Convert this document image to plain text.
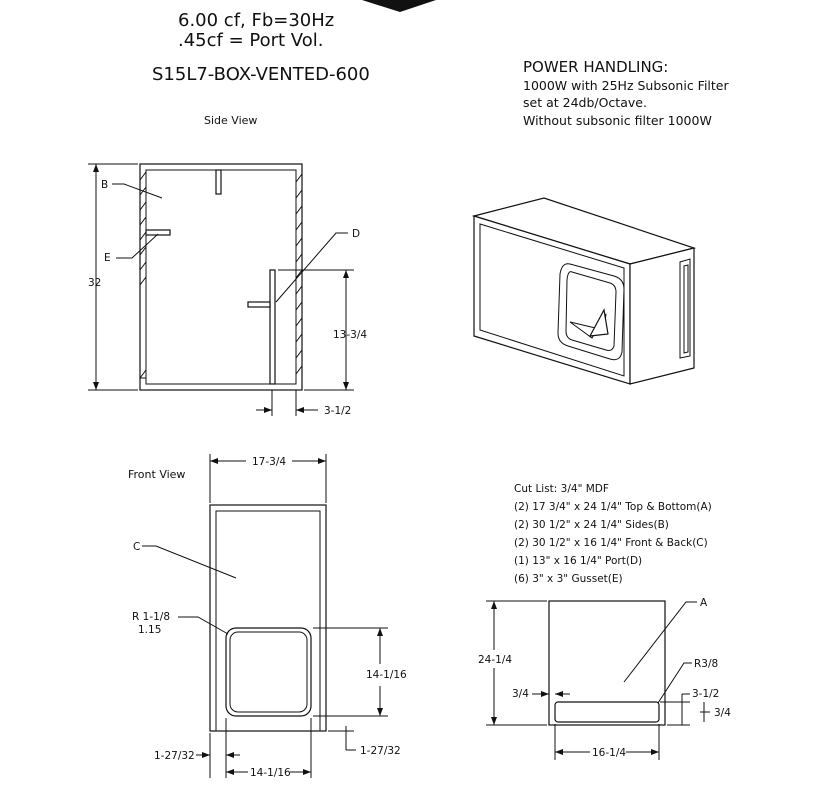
6.00 cf, Fb=30Hz
.45cf = Port Vol.
S15L7-BOX-VENTED-600	POWER HANDLING:
1000W with 25Hz Subsonic Filter
set at 24db/Octave.
Without subsonic filter 1000W
Side View
B
E
D
32
13-3/4
3-1/2
Front View
17-3/4
C
R 1-1/8
1.15
14-1/16
1-27/32
1-27/32
14-1/16
Cut List: 3/4" MDF
(2) 17 3/4" x 24 1/4" Top & Bottom(A)
(2) 30 1/2" x 24 1/4" Sides(B)
(2) 30 1/2" x 16 1/4" Front & Back(C)
(1) 13" x 16 1/4" Port(D)
(6) 3" x 3" Gusset(E)
A
24-1/4	R3/8
3/4	3-1/2
3/4
16-1/4
